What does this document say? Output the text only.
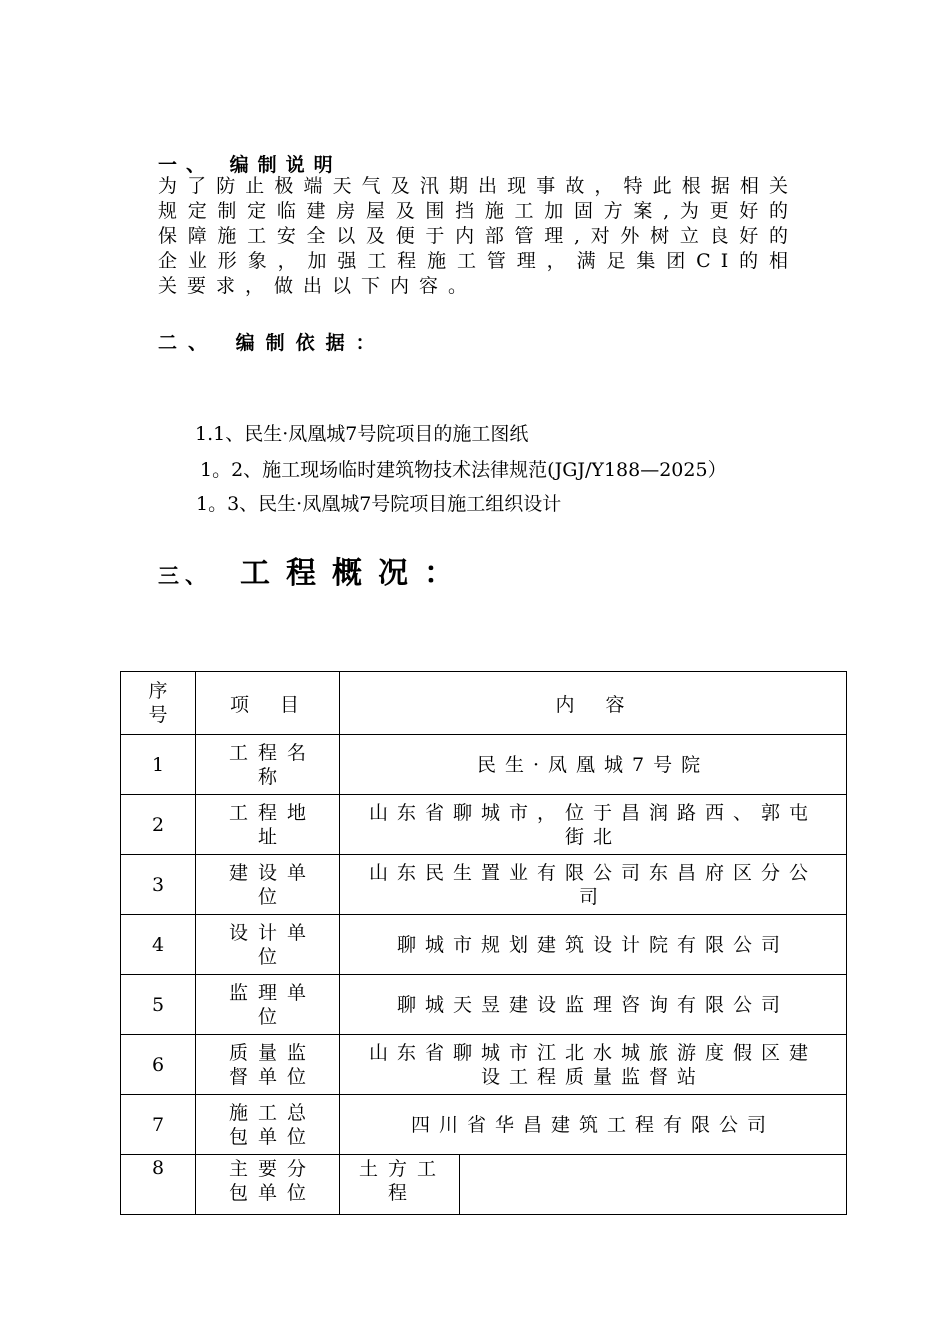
一、 编制说明
为了防止极端天气及汛期出现事故，特此根据相关规定制定临建房屋及围挡施工加固方案,为更好的保障施工安全以及便于内部管理,对外树立良好的企业形象，加强工程施工管理，满足集团CI的相关要求，做出以下内容。
二、 编制依据：
1.1、民生·凤凰城7号院项目的施工图纸
1。2、施工现场临时建筑物技术法律规范(JGJ/Y188—2025）
1。3、民生·凤凰城7号院项目施工组织设计
三、 工程概况：
序号	项　目	内　容	
1	工程名称	民生·凤凰城7号院	
2	工程地址	山东省聊城市，位于昌润路西、郭屯街北	
3	建设单位	山东民生置业有限公司东昌府区分公司	
4	设计单位	聊城市规划建筑设计院有限公司	
5	监理单位	聊城天昱建设监理咨询有限公司	
6	质量监督单位	山东省聊城市江北水城旅游度假区建设工程质量监督站	
7	施工总包单位	四川省华昌建筑工程有限公司	
8	主要分包单位	土方工程	
